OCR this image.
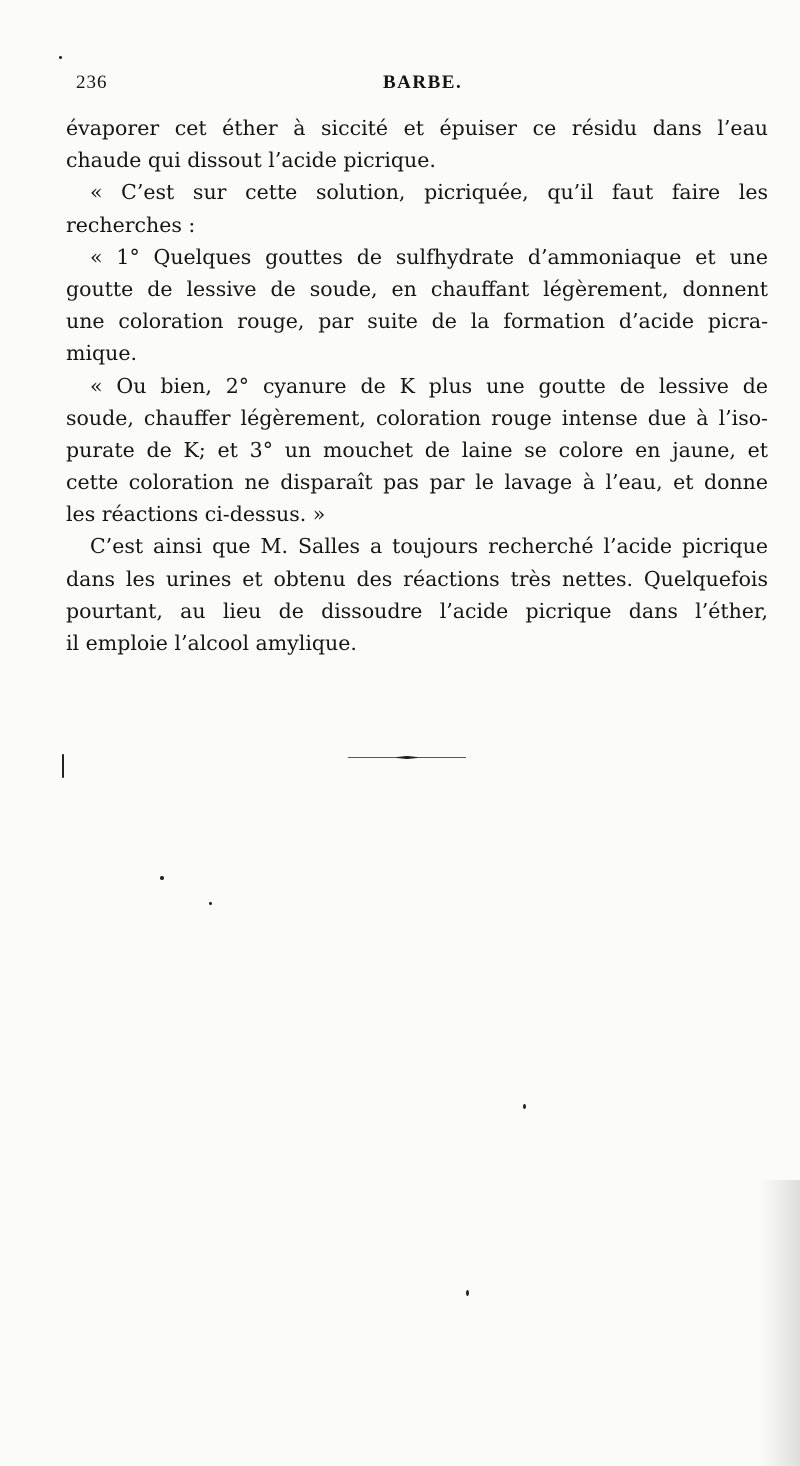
236	BARBE.
évaporer cet éther à siccité et épuiser ce résidu dans l’eau
chaude qui dissout l’acide picrique.
« C’est sur cette solution, picriquée, qu’il faut faire les
recherches :
« 1° Quelques gouttes de sulfhydrate d’ammoniaque et une
goutte de lessive de soude, en chauffant légèrement, donnent
une coloration rouge, par suite de la formation d’acide picra-
mique.
« Ou bien, 2° cyanure de K plus une goutte de lessive de
soude, chauffer légèrement, coloration rouge intense due à l’iso-
purate de K; et 3° un mouchet de laine se colore en jaune, et
cette coloration ne disparaît pas par le lavage à l’eau, et donne
les réactions ci-dessus. »
C’est ainsi que M. Salles a toujours recherché l’acide picrique
dans les urines et obtenu des réactions très nettes. Quelquefois
pourtant, au lieu de dissoudre l’acide picrique dans l’éther,
il emploie l’alcool amylique.
